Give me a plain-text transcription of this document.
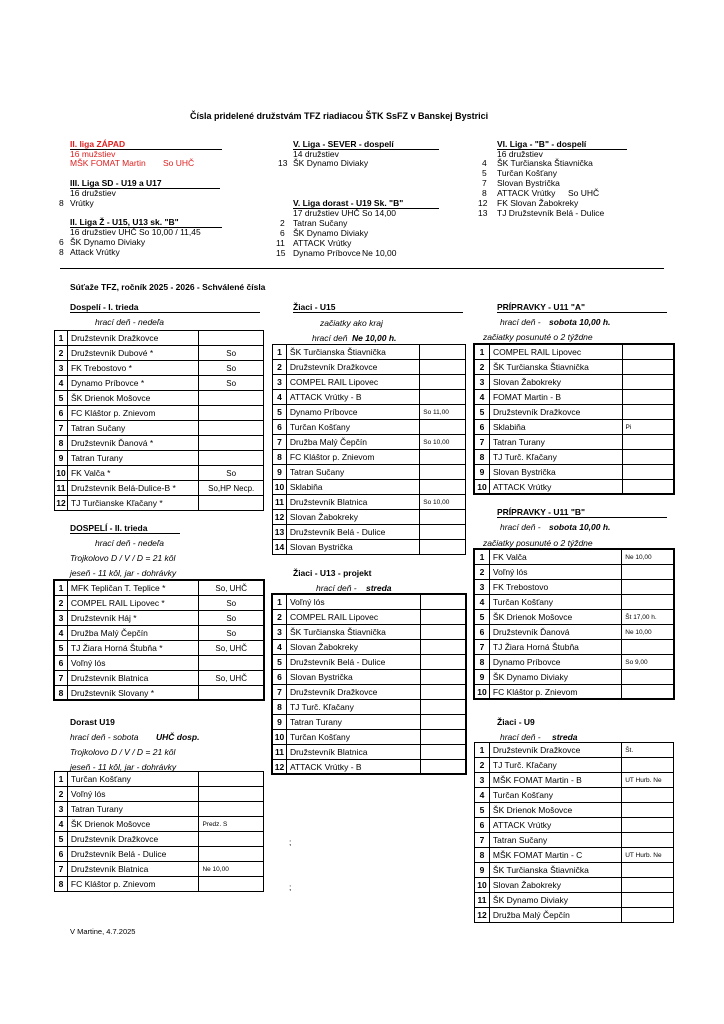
Čísla pridelené družstvám TFZ riadiacou ŠTK SsFZ v Banskej Bystrici
II. liga ZÁPAD
16 mužstiev
MŠK FOMAT Martin So UHČ
III. Liga SD - U19 a U17
16 družstiev
8 Vrútky
II. Liga Ž - U15, U13 sk. "B"
16 družstiev UHČ So 10,00 / 11,45
6 ŠK Dynamo Diviaky
8 Attack Vrútky
V. Liga - SEVER - dospelí
14 družstiev
13 ŠK Dynamo Diviaky
V. Liga dorast - U19 Sk. "B"
17 družstiev UHČ So 14,00
2 Tatran Sučany
6 ŠK Dynamo Diviaky
11 ATTACK Vrútky
15 Dynamo Príbovce Ne 10,00
VI. Liga - "B" - dospelí
16 družstiev
4 ŠK Turčianska Štiavnička
5 Turčan Košťany
7 Slovan Bystrička
8 ATTACK Vrútky So UHČ
12 FK Slovan Žabokreky
13 TJ Družstevník Belá - Dulice
Súťaže TFZ, ročník 2025 - 2026 - Schválené čísla
Dospelí - I. trieda
hrací deň - nedeľa
1	Družstevník Dražkovce	
2	Družstevník Dubové *	So
3	FK Trebostovo *	So
4	Dynamo Príbovce *	So
5	ŠK Drienok Mošovce	
6	FC Kláštor p. Znievom	
7	Tatran Sučany	
8	Družstevník Ďanová *	
9	Tatran Turany	
10	FK Valča *	So
11	Družstevník Belá-Dulice-B *	So,HP Necp.
12	TJ Turčianske Kľačany *	
DOSPELÍ - II. trieda
hrací deň - nedeľa
Trojkolovo D / V / D = 21 kôl
jeseň - 11 kôl, jar - dohrávky
1	MFK Tepličan T. Teplice *	So, UHČ
2	COMPEL RAIL Lipovec *	So
3	Družstevník Háj *	So
4	Družba Malý Čepčín	So
5	TJ Žiara Horná Štubňa *	So, UHČ
6	Voľný lós	
7	Družstevník Blatnica	So, UHČ
8	Družstevník Slovany *	
Dorast U19
hrací deň - sobota UHČ dosp.
Trojkolovo D / V / D = 21 kôl
jeseň - 11 kôl, jar - dohrávky
1	Turčan Košťany	
2	Voľný lós	
3	Tatran Turany	
4	ŠK Drienok Mošovce	Predz. S
5	Družstevník Dražkovce	
6	Družstevník Belá - Dulice	
7	Družstevník Blatnica	Ne 10,00
8	FC Kláštor p. Znievom	
Žiaci - U15
začiatky ako kraj
hrací deň Ne 10,00 h.
1	ŠK Turčianska Štiavnička	
2	Družstevník Dražkovce	
3	COMPEL RAIL Lipovec	
4	ATTACK Vrútky - B	
5	Dynamo Príbovce	So 11,00
6	Turčan Košťany	
7	Družba Malý Čepčín	So 10,00
8	FC Kláštor p. Znievom	
9	Tatran Sučany	
10	Sklabiňa	
11	Družstevník Blatnica	So 10,00
12	Slovan Žabokreky	
13	Družstevník Belá - Dulice	
14	Slovan Bystrička	
Žiaci - U13 - projekt
hrací deň - streda
1	Voľný lós	
2	COMPEL RAIL Lipovec	
3	ŠK Turčianska Štiavnička	
4	Slovan Žabokreky	
5	Družstevník Belá - Dulice	
6	Slovan Bystrička	
7	Družstevník Dražkovce	
8	TJ Turč. Kľačany	
9	Tatran Turany	
10	Turčan Košťany	
11	Družstevník Blatnica	
12	ATTACK Vrútky - B	
;
;
PRÍPRAVKY - U11 "A"
hrací deň - sobota 10,00 h.
začiatky posunuté o 2 týždne
1	COMPEL RAIL Lipovec	
2	ŠK Turčianska Štiavnička	
3	Slovan Žabokreky	
4	FOMAT Martin - B	
5	Družstevník Dražkovce	
6	Sklabiňa	Pi
7	Tatran Turany	
8	TJ Turč. Kľačany	
9	Slovan Bystrička	
10	ATTACK Vrútky	
PRÍPRAVKY - U11 "B"
hrací deň - sobota 10,00 h.
začiatky posunuté o 2 týždne
1	FK Valča	Ne 10,00
2	Voľný lós	
3	FK Trebostovo	
4	Turčan Košťany	
5	ŠK Drienok Mošovce	Št 17,00 h.
6	Družstevník Ďanová	Ne 10,00
7	TJ Žiara Horná Štubňa	
8	Dynamo Príbovce	So 9,00
9	ŠK Dynamo Diviaky	
10	FC Kláštor p. Znievom	
Žiaci - U9
hrací deň - streda
1	Družstevník Dražkovce	Št.
2	TJ Turč. Kľačany	
3	MŠK FOMAT Martin - B	UT Hurb. Ne
4	Turčan Košťany	
5	ŠK Drienok Mošovce	
6	ATTACK Vrútky	
7	Tatran Sučany	
8	MŠK FOMAT Martin - C	UT Hurb. Ne
9	ŠK Turčianska Štiavnička	
10	Slovan Žabokreky	
11	ŠK Dynamo Diviaky	
12	Družba Malý Čepčín	
V Martine, 4.7.2025
